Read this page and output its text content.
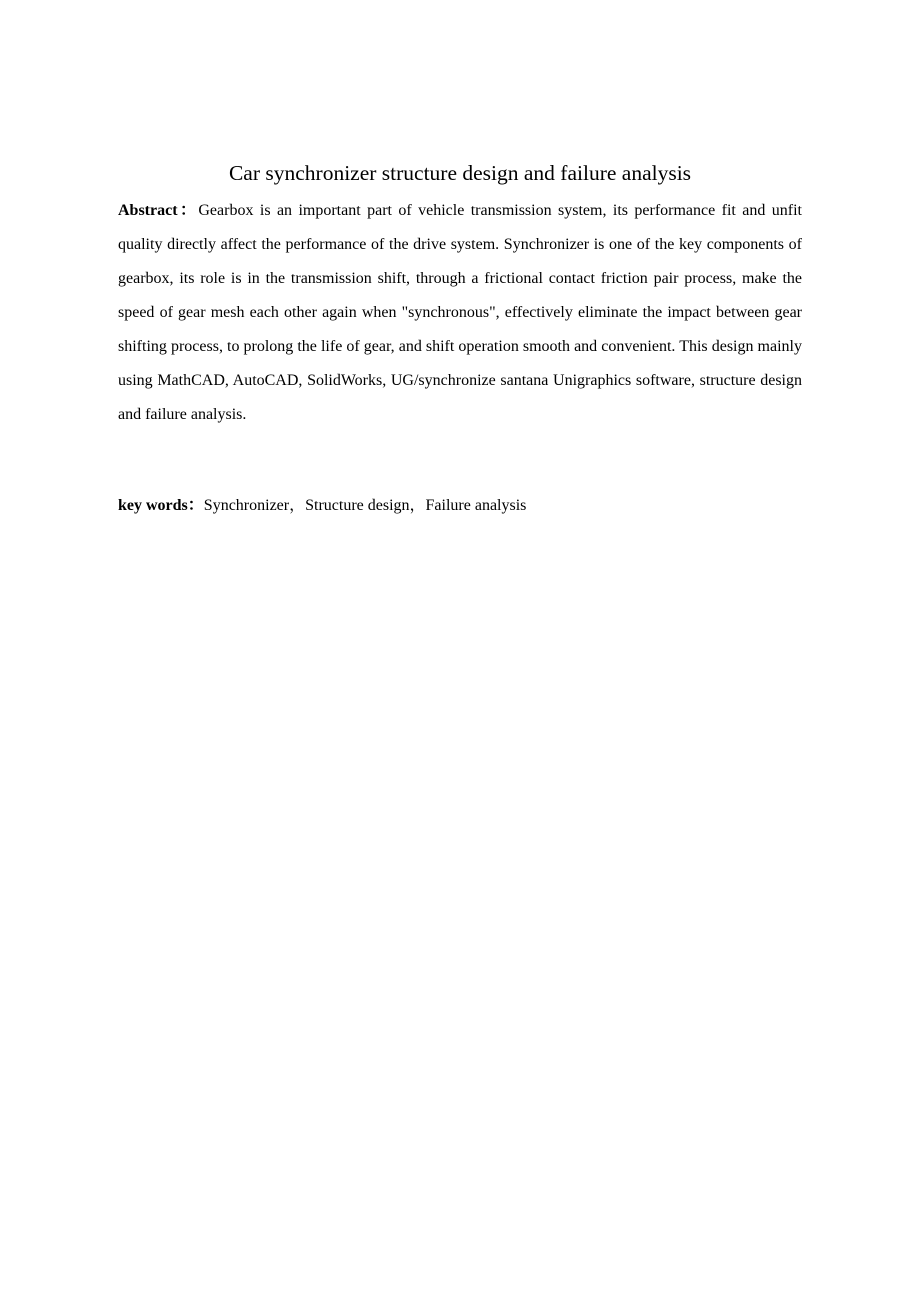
Car synchronizer structure design and failure analysis

Abstract：Gearbox is an important part of vehicle transmission system, its performance fit and unfit quality directly affect the performance of the drive system. Synchronizer is one of the key components of gearbox, its role is in the transmission shift, through a frictional contact friction pair process, make the speed of gear mesh each other again when "synchronous", effectively eliminate the impact between gear shifting process, to prolong the life of gear, and shift operation smooth and convenient. This design mainly using MathCAD, AutoCAD, SolidWorks, UG/synchronize santana Unigraphics software, structure design and failure analysis.

key words：Synchronizer，Structure design，Failure analysis
